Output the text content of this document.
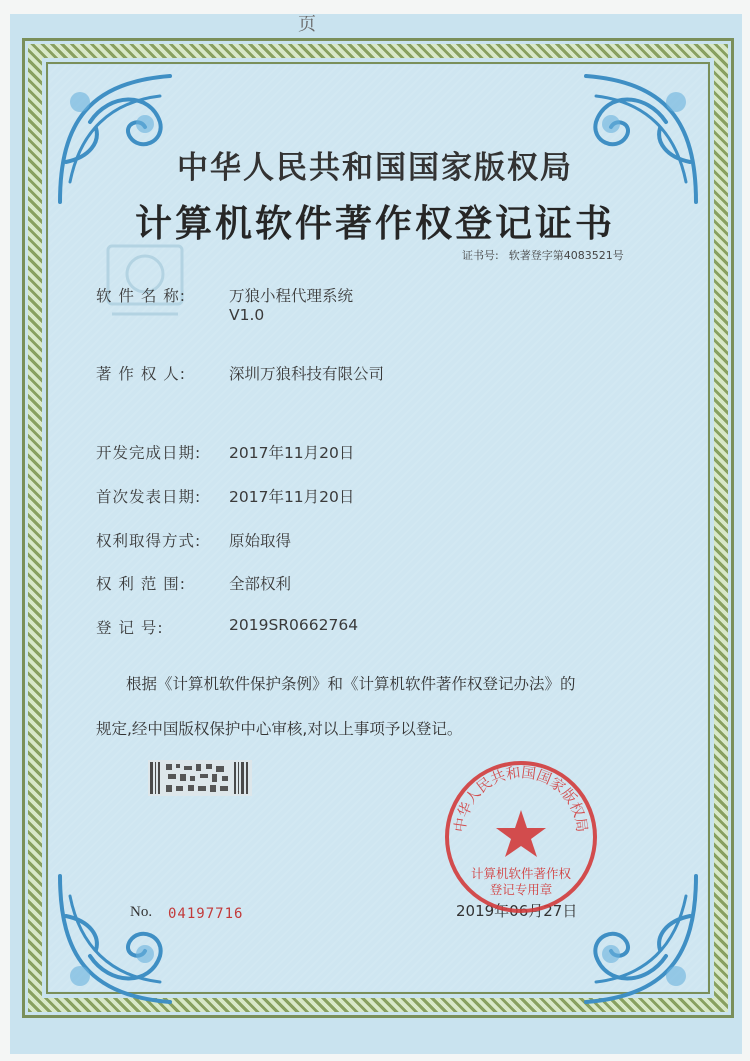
页
中华人民共和国国家版权局
计算机软件著作权登记证书
证书号: 软著登字第4083521号
软 件 名 称:	万狼小程代理系统
V1.0
著 作 权 人:	深圳万狼科技有限公司
开发完成日期: 2017年11月20日
首次发表日期: 2017年11月20日
权利取得方式: 原始取得
权 利 范 围:	全部权利
登 记 号:	2019SR0662764
根据《计算机软件保护条例》和《计算机软件著作权登记办法》的
规定,经中国版权保护中心审核,对以上事项予以登记。
No. 04197716	2019年06月27日
中华人民共和国国家版权局
计算机软件著作权
登记专用章
